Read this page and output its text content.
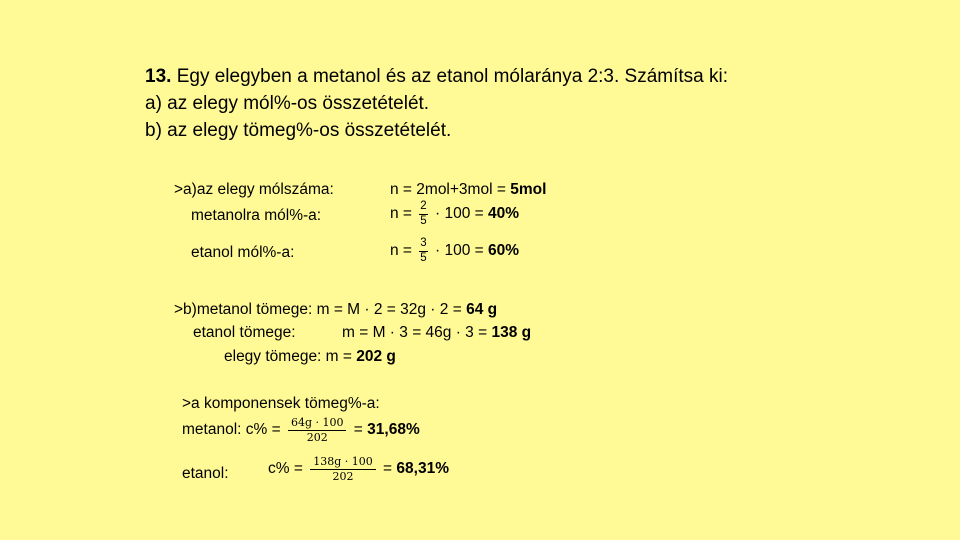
13. Egy elegyben a metanol és az etanol mólaránya 2:3. Számítsa ki:
a) az elegy mól%-os összetételét.
b) az elegy tömeg%-os összetételét.
>a)az elegy mólszáma:	n = 2mol+3mol = 5mol
metanolra mól%-a:	$n = \frac{2}{5} \cdot 100 = 40\%$
etanol mól%-a:	$n = \frac{3}{5} \cdot 100 = 60\%$
>b)metanol tömege: m = M · 2 = 32g · 2 = 64 g
etanol tömege:	m = M · 3 = 46g · 3 = 138 g
elegy tömege: m = 202 g
>a komponensek tömeg%-a:
metanol: $c\% = \frac{64g \cdot 100}{202} = 31,68\%$
etanol:	$c\% = \frac{138g \cdot 100}{202} = 68,31\%$
